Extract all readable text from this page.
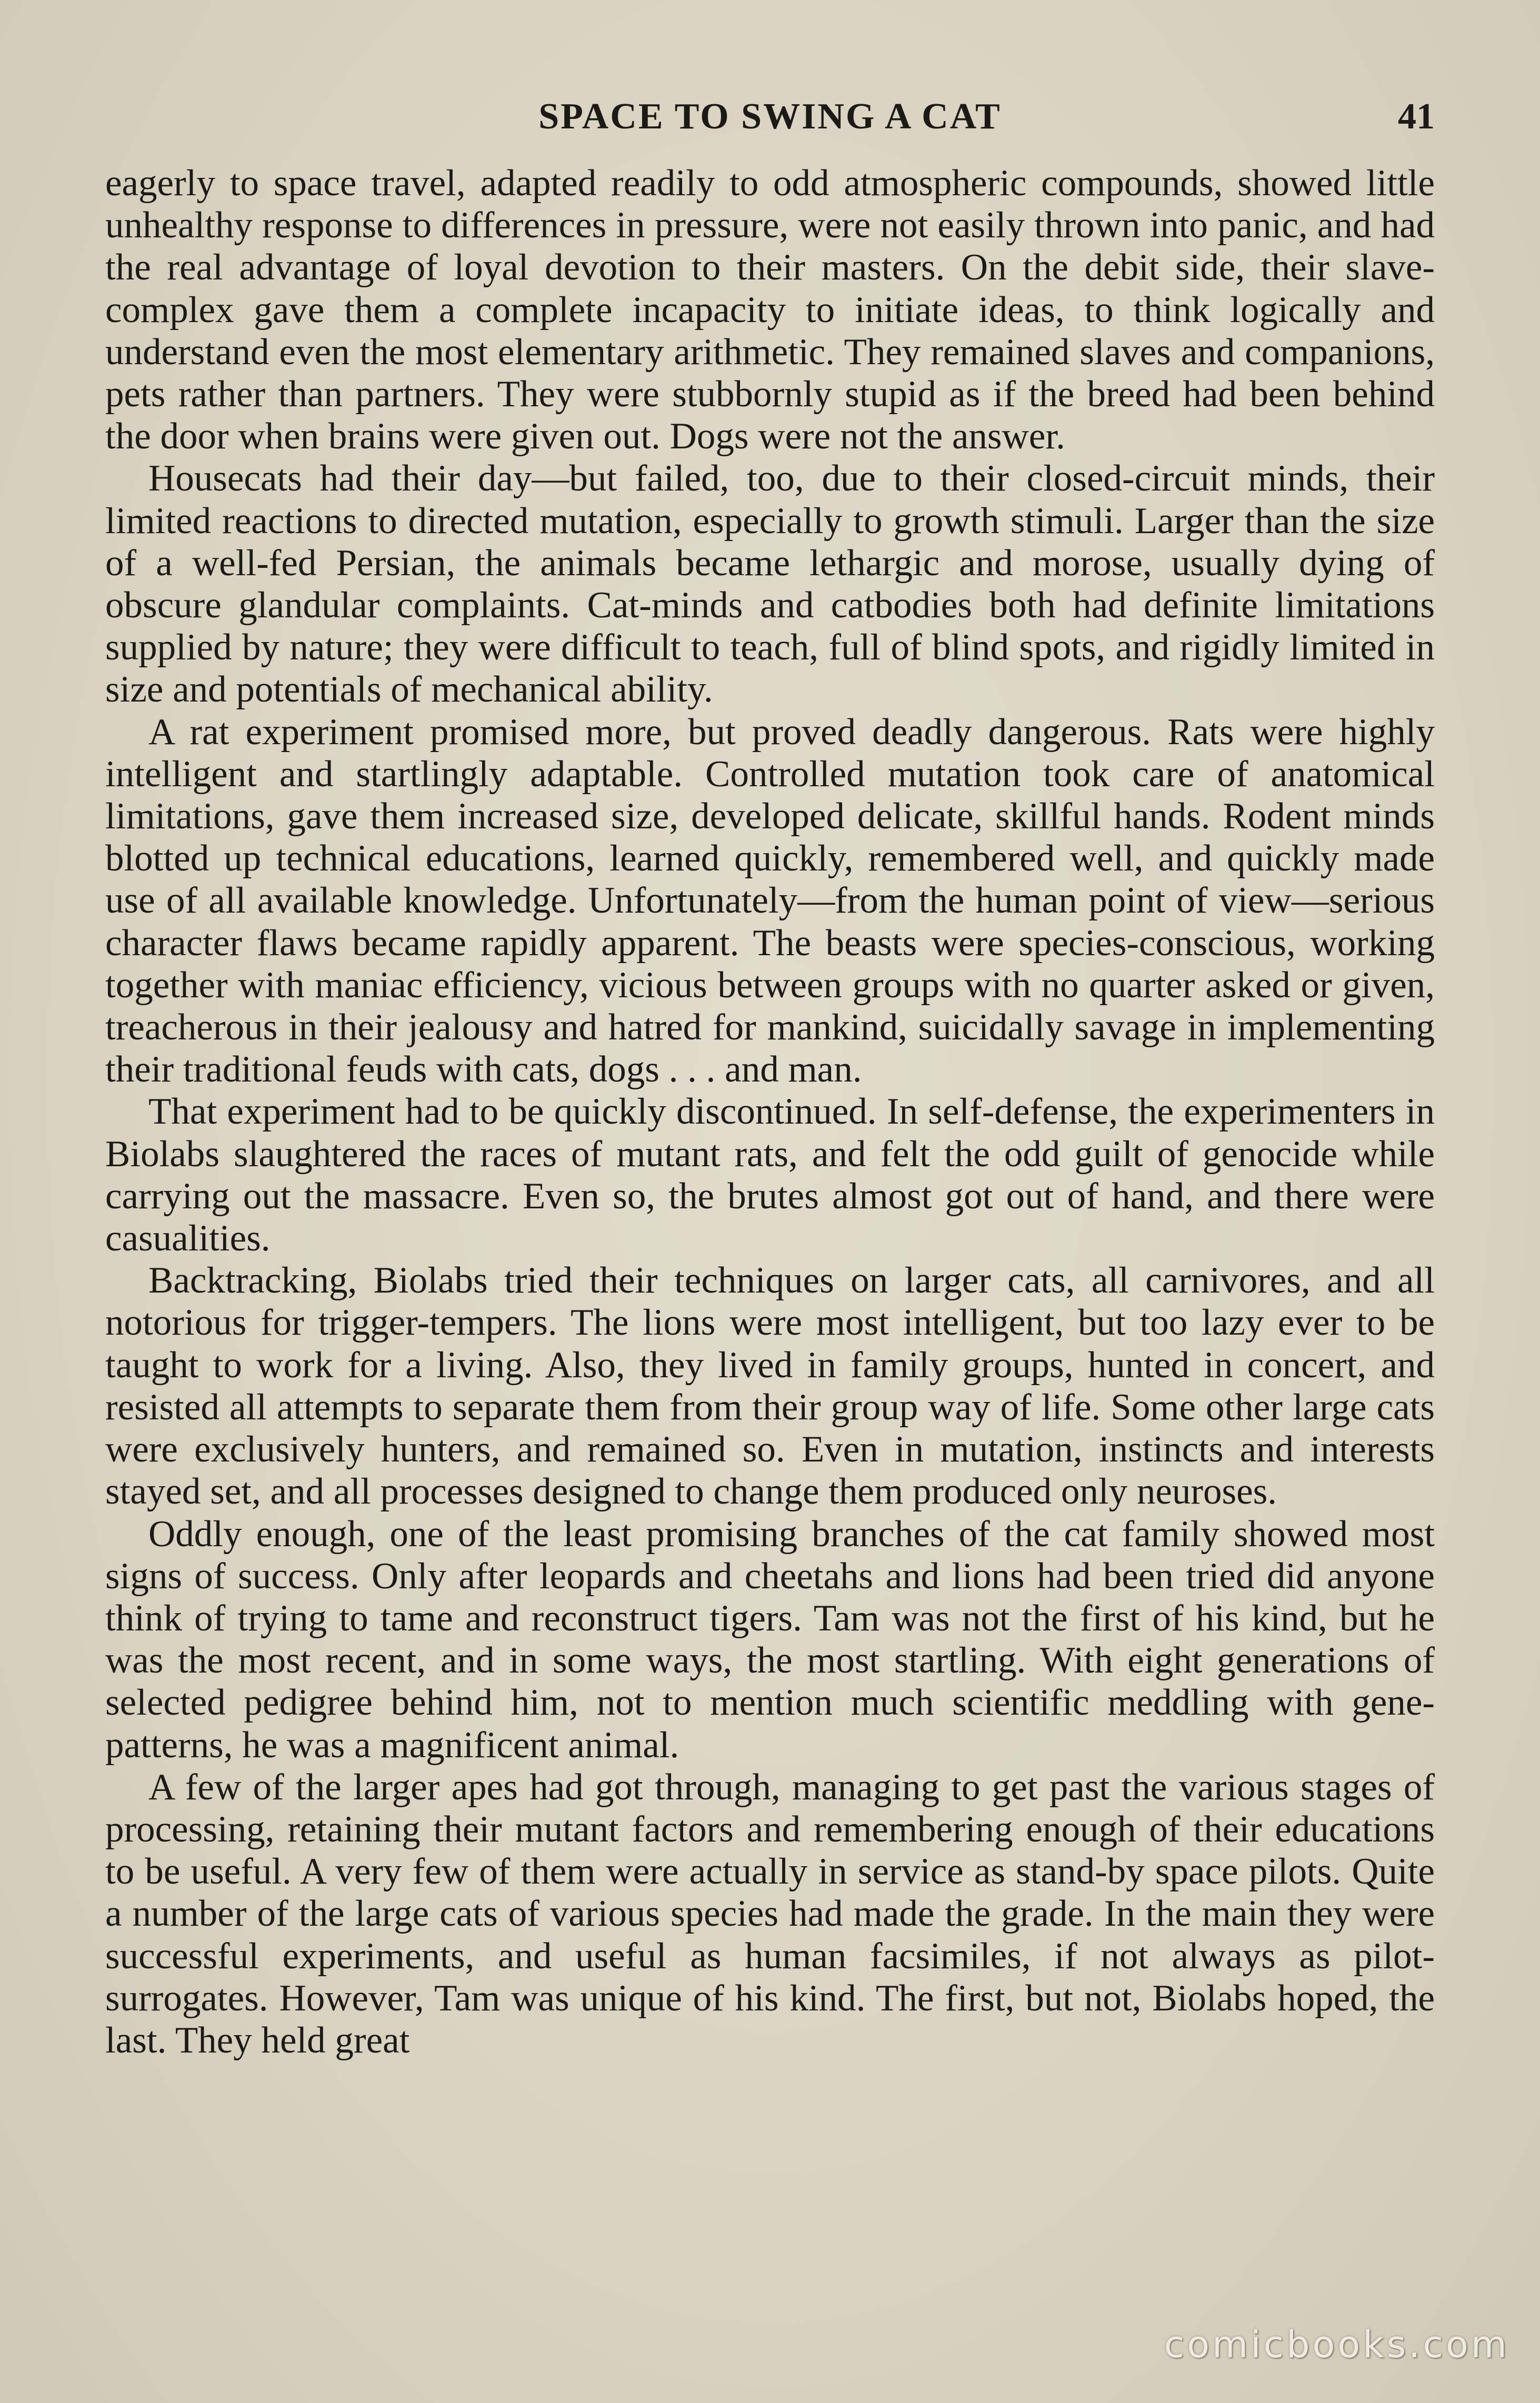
SPACE TO SWING A CAT	41

eagerly to space travel, adapted readily to odd atmospheric compounds, showed little unhealthy response to differences in pressure, were not easily thrown into panic, and had the real advantage of loyal devotion to their masters. On the debit side, their slave-complex gave them a complete incapacity to initiate ideas, to think logically and understand even the most elementary arithmetic. They remained slaves and companions, pets rather than partners. They were stubbornly stupid as if the breed had been behind the door when brains were given out. Dogs were not the answer.

Housecats had their day—but failed, too, due to their closed-circuit minds, their limited reactions to directed mutation, especially to growth stimuli. Larger than the size of a well-fed Persian, the animals became lethargic and morose, usually dying of obscure glandular complaints. Cat-minds and catbodies both had definite limitations supplied by nature; they were difficult to teach, full of blind spots, and rigidly limited in size and potentials of mechanical ability.

A rat experiment promised more, but proved deadly dangerous. Rats were highly intelligent and startlingly adaptable. Controlled mutation took care of anatomical limitations, gave them increased size, developed delicate, skillful hands. Rodent minds blotted up technical educations, learned quickly, remembered well, and quickly made use of all available knowledge. Unfortunately—from the human point of view—serious character flaws became rapidly apparent. The beasts were species-conscious, working together with maniac efficiency, vicious between groups with no quarter asked or given, treacherous in their jealousy and hatred for mankind, suicidally savage in implementing their traditional feuds with cats, dogs . . . and man.

That experiment had to be quickly discontinued. In self-defense, the experimenters in Biolabs slaughtered the races of mutant rats, and felt the odd guilt of genocide while carrying out the massacre. Even so, the brutes almost got out of hand, and there were casualities.

Backtracking, Biolabs tried their techniques on larger cats, all carnivores, and all notorious for trigger-tempers. The lions were most intelligent, but too lazy ever to be taught to work for a living. Also, they lived in family groups, hunted in concert, and resisted all attempts to separate them from their group way of life. Some other large cats were exclusively hunters, and remained so. Even in mutation, instincts and interests stayed set, and all processes designed to change them produced only neuroses.

Oddly enough, one of the least promising branches of the cat family showed most signs of success. Only after leopards and cheetahs and lions had been tried did anyone think of trying to tame and reconstruct tigers. Tam was not the first of his kind, but he was the most recent, and in some ways, the most startling. With eight generations of selected pedigree behind him, not to mention much scientific meddling with gene-patterns, he was a magnificent animal.

A few of the larger apes had got through, managing to get past the various stages of processing, retaining their mutant factors and remembering enough of their educations to be useful. A very few of them were actually in service as stand-by space pilots. Quite a number of the large cats of various species had made the grade. In the main they were successful experiments, and useful as human facsimiles, if not always as pilot-surrogates. However, Tam was unique of his kind. The first, but not, Biolabs hoped, the last. They held great

comicbooks.com
